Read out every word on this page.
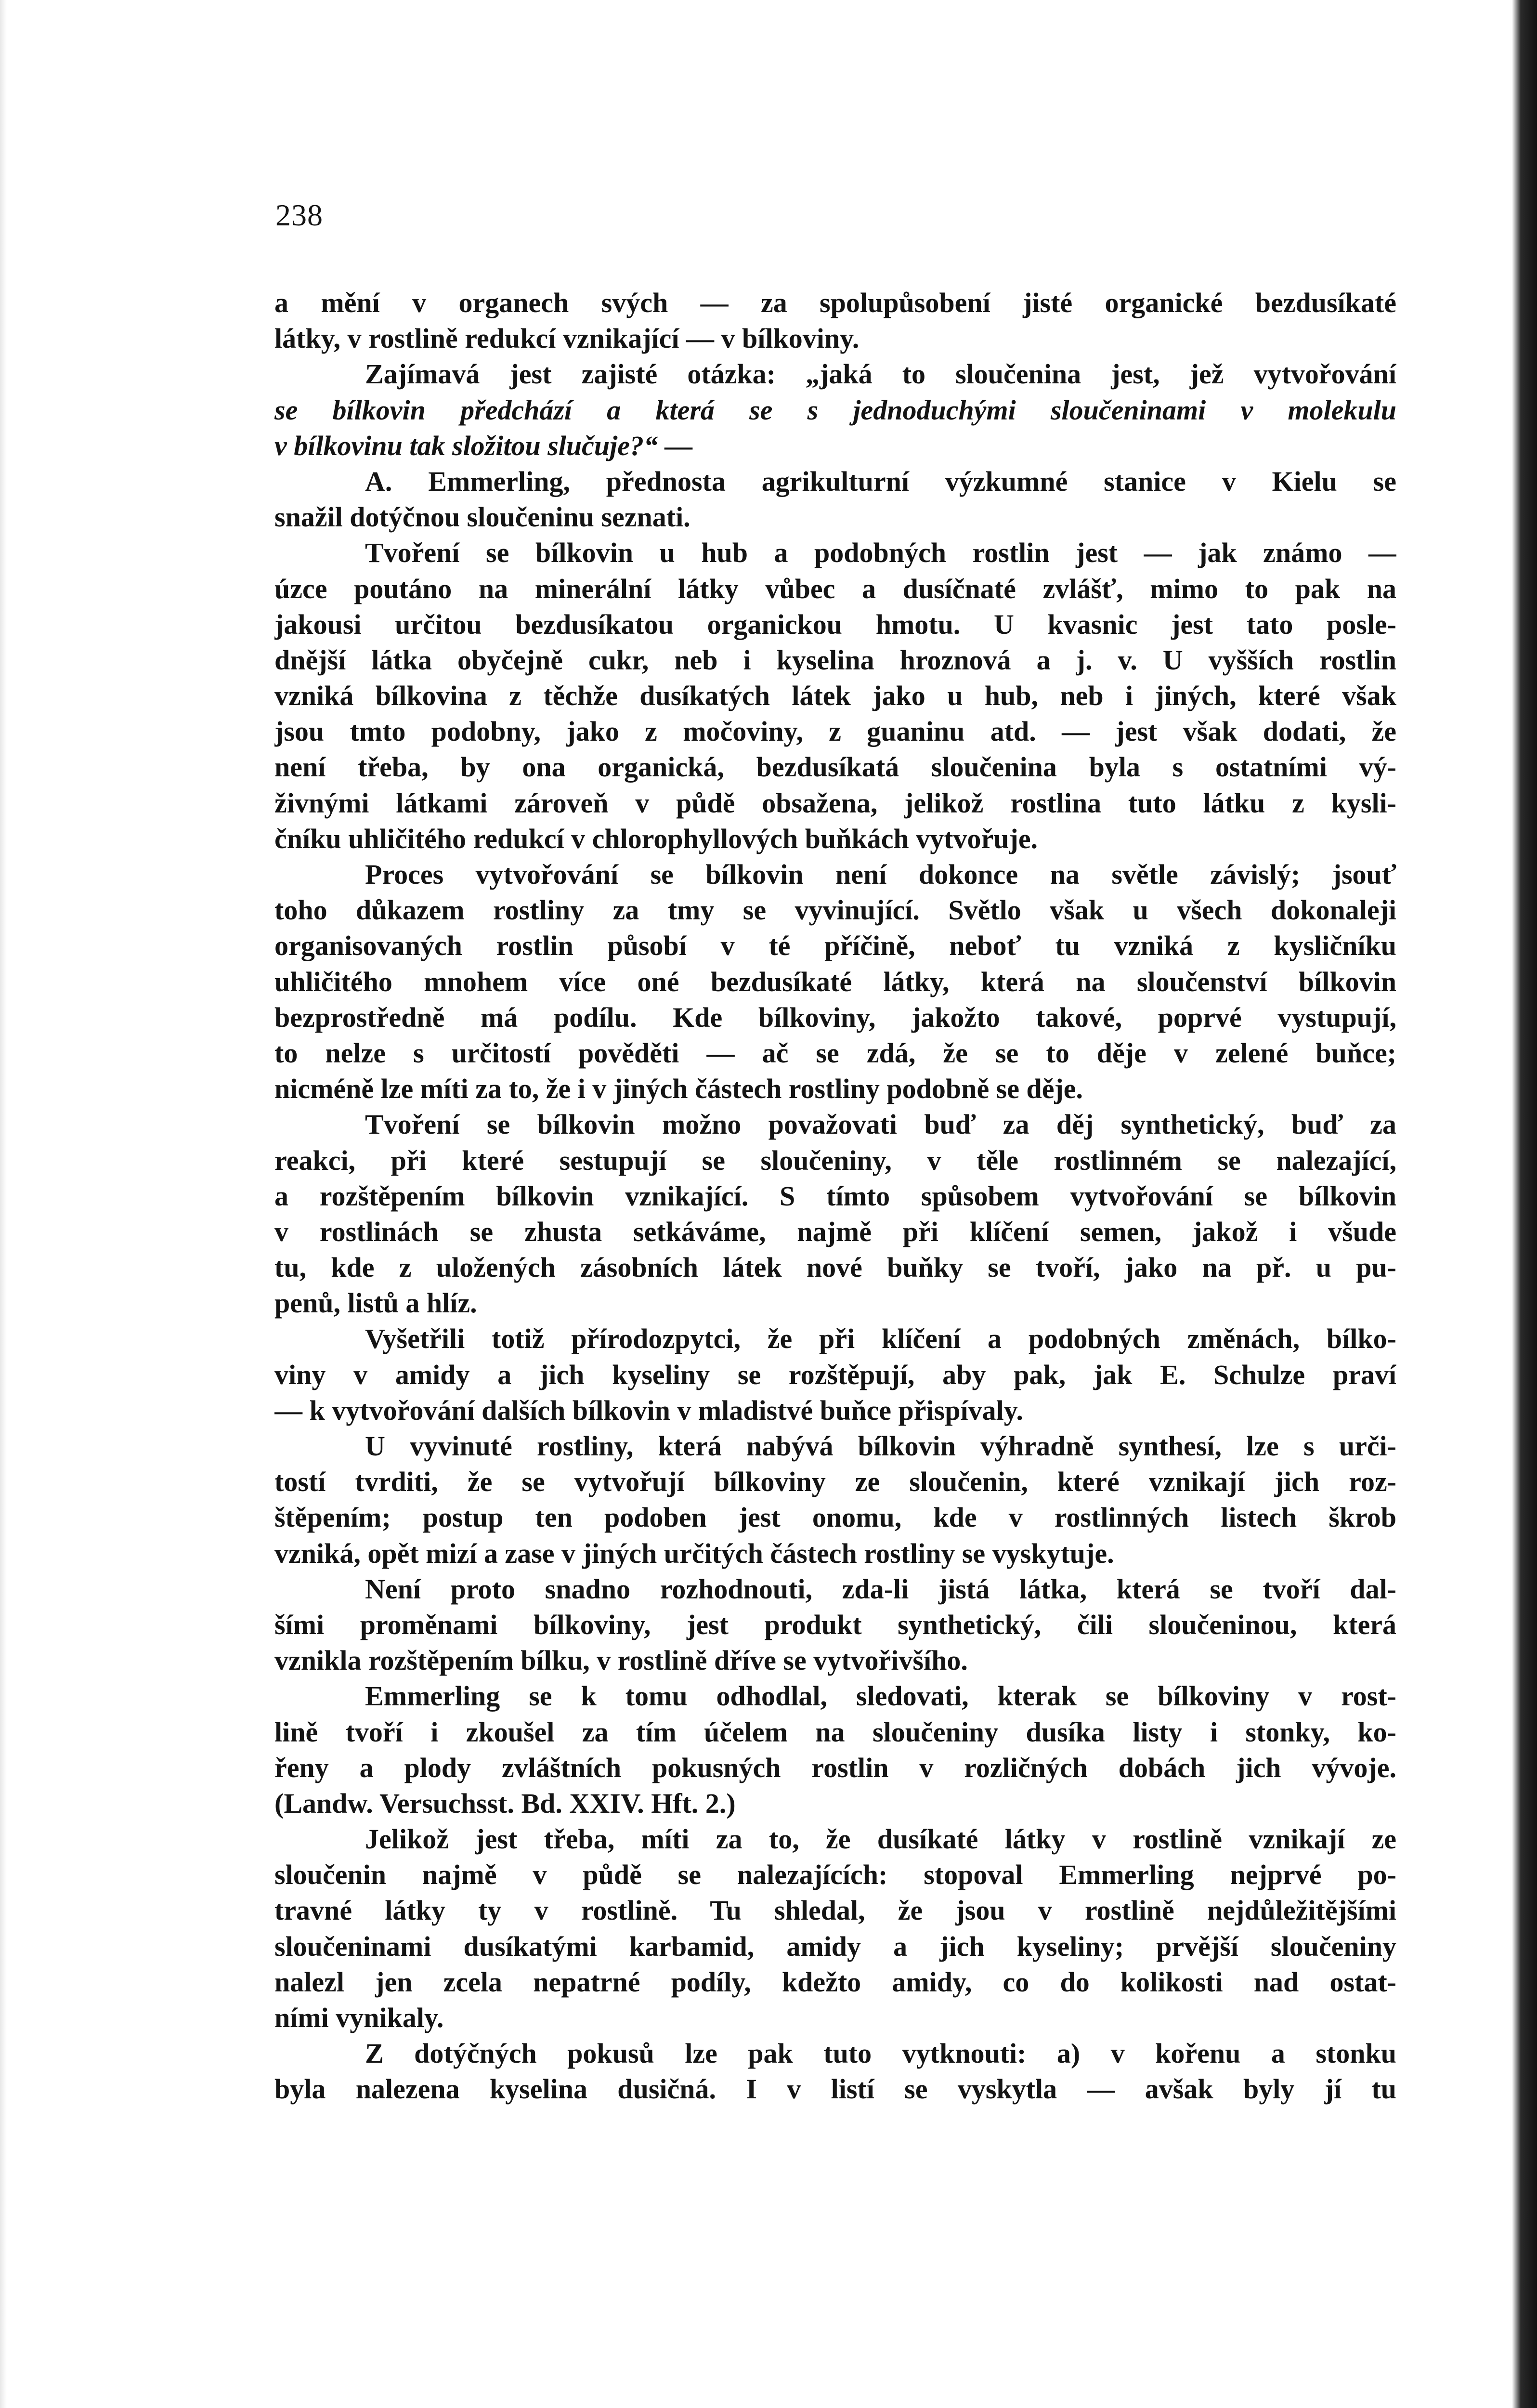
238
a mění v organech svých — za spolupůsobení jisté organické bezdusíkaté
látky, v rostlině redukcí vznikající — v bílkoviny.
Zajímavá jest zajisté otázka: „jaká to sloučenina jest, jež vytvořování
se bílkovin předchází a která se s jednoduchými sloučeninami v molekulu
v bílkovinu tak složitou slučuje?“ —
A. Emmerling, přednosta agrikulturní výzkumné stanice v Kielu se
snažil dotýčnou sloučeninu seznati.
Tvoření se bílkovin u hub a podobných rostlin jest — jak známo —
úzce poutáno na minerální látky vůbec a dusíčnaté zvlášť, mimo to pak na
jakousi určitou bezdusíkatou organickou hmotu. U kvasnic jest tato posle-
dnější látka obyčejně cukr, neb i kyselina hroznová a j. v. U vyšších rostlin
vzniká bílkovina z těchže dusíkatých látek jako u hub, neb i jiných, které však
jsou tmto podobny, jako z močoviny, z guaninu atd. — jest však dodati, že
není třeba, by ona organická, bezdusíkatá sloučenina byla s ostatními vý-
živnými látkami zároveň v půdě obsažena, jelikož rostlina tuto látku z kysli-
čníku uhličitého redukcí v chlorophyllových buňkách vytvořuje.
Proces vytvořování se bílkovin není dokonce na světle závislý; jsouť
toho důkazem rostliny za tmy se vyvinující. Světlo však u všech dokonaleji
organisovaných rostlin působí v té příčině, neboť tu vzniká z kysličníku
uhličitého mnohem více oné bezdusíkaté látky, která na sloučenství bílkovin
bezprostředně má podílu. Kde bílkoviny, jakožto takové, poprvé vystupují,
to nelze s určitostí pověděti — ač se zdá, že se to děje v zelené buňce;
nicméně lze míti za to, že i v jiných částech rostliny podobně se děje.
Tvoření se bílkovin možno považovati buď za děj synthetický, buď za
reakci, při které sestupují se sloučeniny, v těle rostlinném se nalezající,
a rozštěpením bílkovin vznikající. S tímto spůsobem vytvořování se bílkovin
v rostlinách se zhusta setkáváme, najmě při klíčení semen, jakož i všude
tu, kde z uložených zásobních látek nové buňky se tvoří, jako na př. u pu-
penů, listů a hlíz.
Vyšetřili totiž přírodozpytci, že při klíčení a podobných změnách, bílko-
viny v amidy a jich kyseliny se rozštěpují, aby pak, jak E. Schulze praví
— k vytvořování dalších bílkovin v mladistvé buňce přispívaly.
U vyvinuté rostliny, která nabývá bílkovin výhradně synthesí, lze s urči-
tostí tvrditi, že se vytvořují bílkoviny ze sloučenin, které vznikají jich roz-
štěpením; postup ten podoben jest onomu, kde v rostlinných listech škrob
vzniká, opět mizí a zase v jiných určitých částech rostliny se vyskytuje.
Není proto snadno rozhodnouti, zda-li jistá látka, která se tvoří dal-
šími proměnami bílkoviny, jest produkt synthetický, čili sloučeninou, která
vznikla rozštěpením bílku, v rostlině dříve se vytvořivšího.
Emmerling se k tomu odhodlal, sledovati, kterak se bílkoviny v rost-
lině tvoří i zkoušel za tím účelem na sloučeniny dusíka listy i stonky, ko-
řeny a plody zvláštních pokusných rostlin v rozličných dobách jich vývoje.
(Landw. Versuchsst. Bd. XXIV. Hft. 2.)
Jelikož jest třeba, míti za to, že dusíkaté látky v rostlině vznikají ze
sloučenin najmě v půdě se nalezajících: stopoval Emmerling nejprvé po-
travné látky ty v rostlině. Tu shledal, že jsou v rostlině nejdůležitějšími
sloučeninami dusíkatými karbamid, amidy a jich kyseliny; prvější sloučeniny
nalezl jen zcela nepatrné podíly, kdežto amidy, co do kolikosti nad ostat-
ními vynikaly.
Z dotýčných pokusů lze pak tuto vytknouti: a) v kořenu a stonku
byla nalezena kyselina dusičná. I v listí se vyskytla — avšak byly jí tu
